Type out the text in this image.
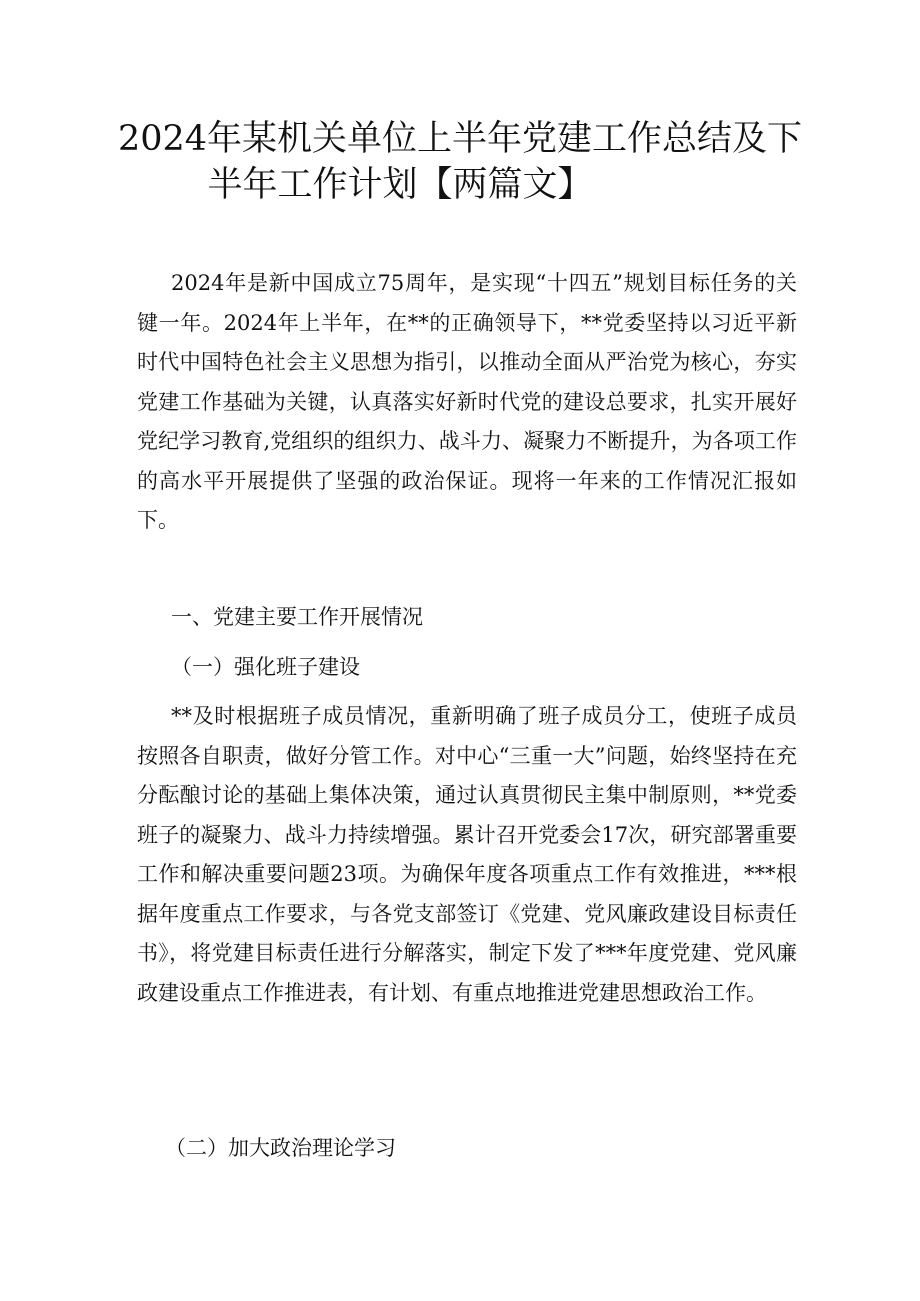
2024年某机关单位上半年党建工作总结及下
半年工作计划【两篇文】

2024年是新中国成立75周年，是实现“十四五”规划目标任务的关键一年。2024年上半年，在**的正确领导下，**党委坚持以习近平新时代中国特色社会主义思想为指引，以推动全面从严治党为核心，夯实党建工作基础为关键，认真落实好新时代党的建设总要求，扎实开展好党纪学习教育,党组织的组织力、战斗力、凝聚力不断提升，为各项工作的高水平开展提供了坚强的政治保证。现将一年来的工作情况汇报如下。

一、党建主要工作开展情况

（一）强化班子建设

**及时根据班子成员情况，重新明确了班子成员分工，使班子成员按照各自职责，做好分管工作。对中心“三重一大”问题，始终坚持在充分酝酿讨论的基础上集体决策，通过认真贯彻民主集中制原则，**党委班子的凝聚力、战斗力持续增强。累计召开党委会17次，研究部署重要工作和解决重要问题23项。为确保年度各项重点工作有效推进，***根据年度重点工作要求，与各党支部签订《党建、党风廉政建设目标责任书》，将党建目标责任进行分解落实，制定下发了***年度党建、党风廉政建设重点工作推进表，有计划、有重点地推进党建思想政治工作。

（二）加大政治理论学习
